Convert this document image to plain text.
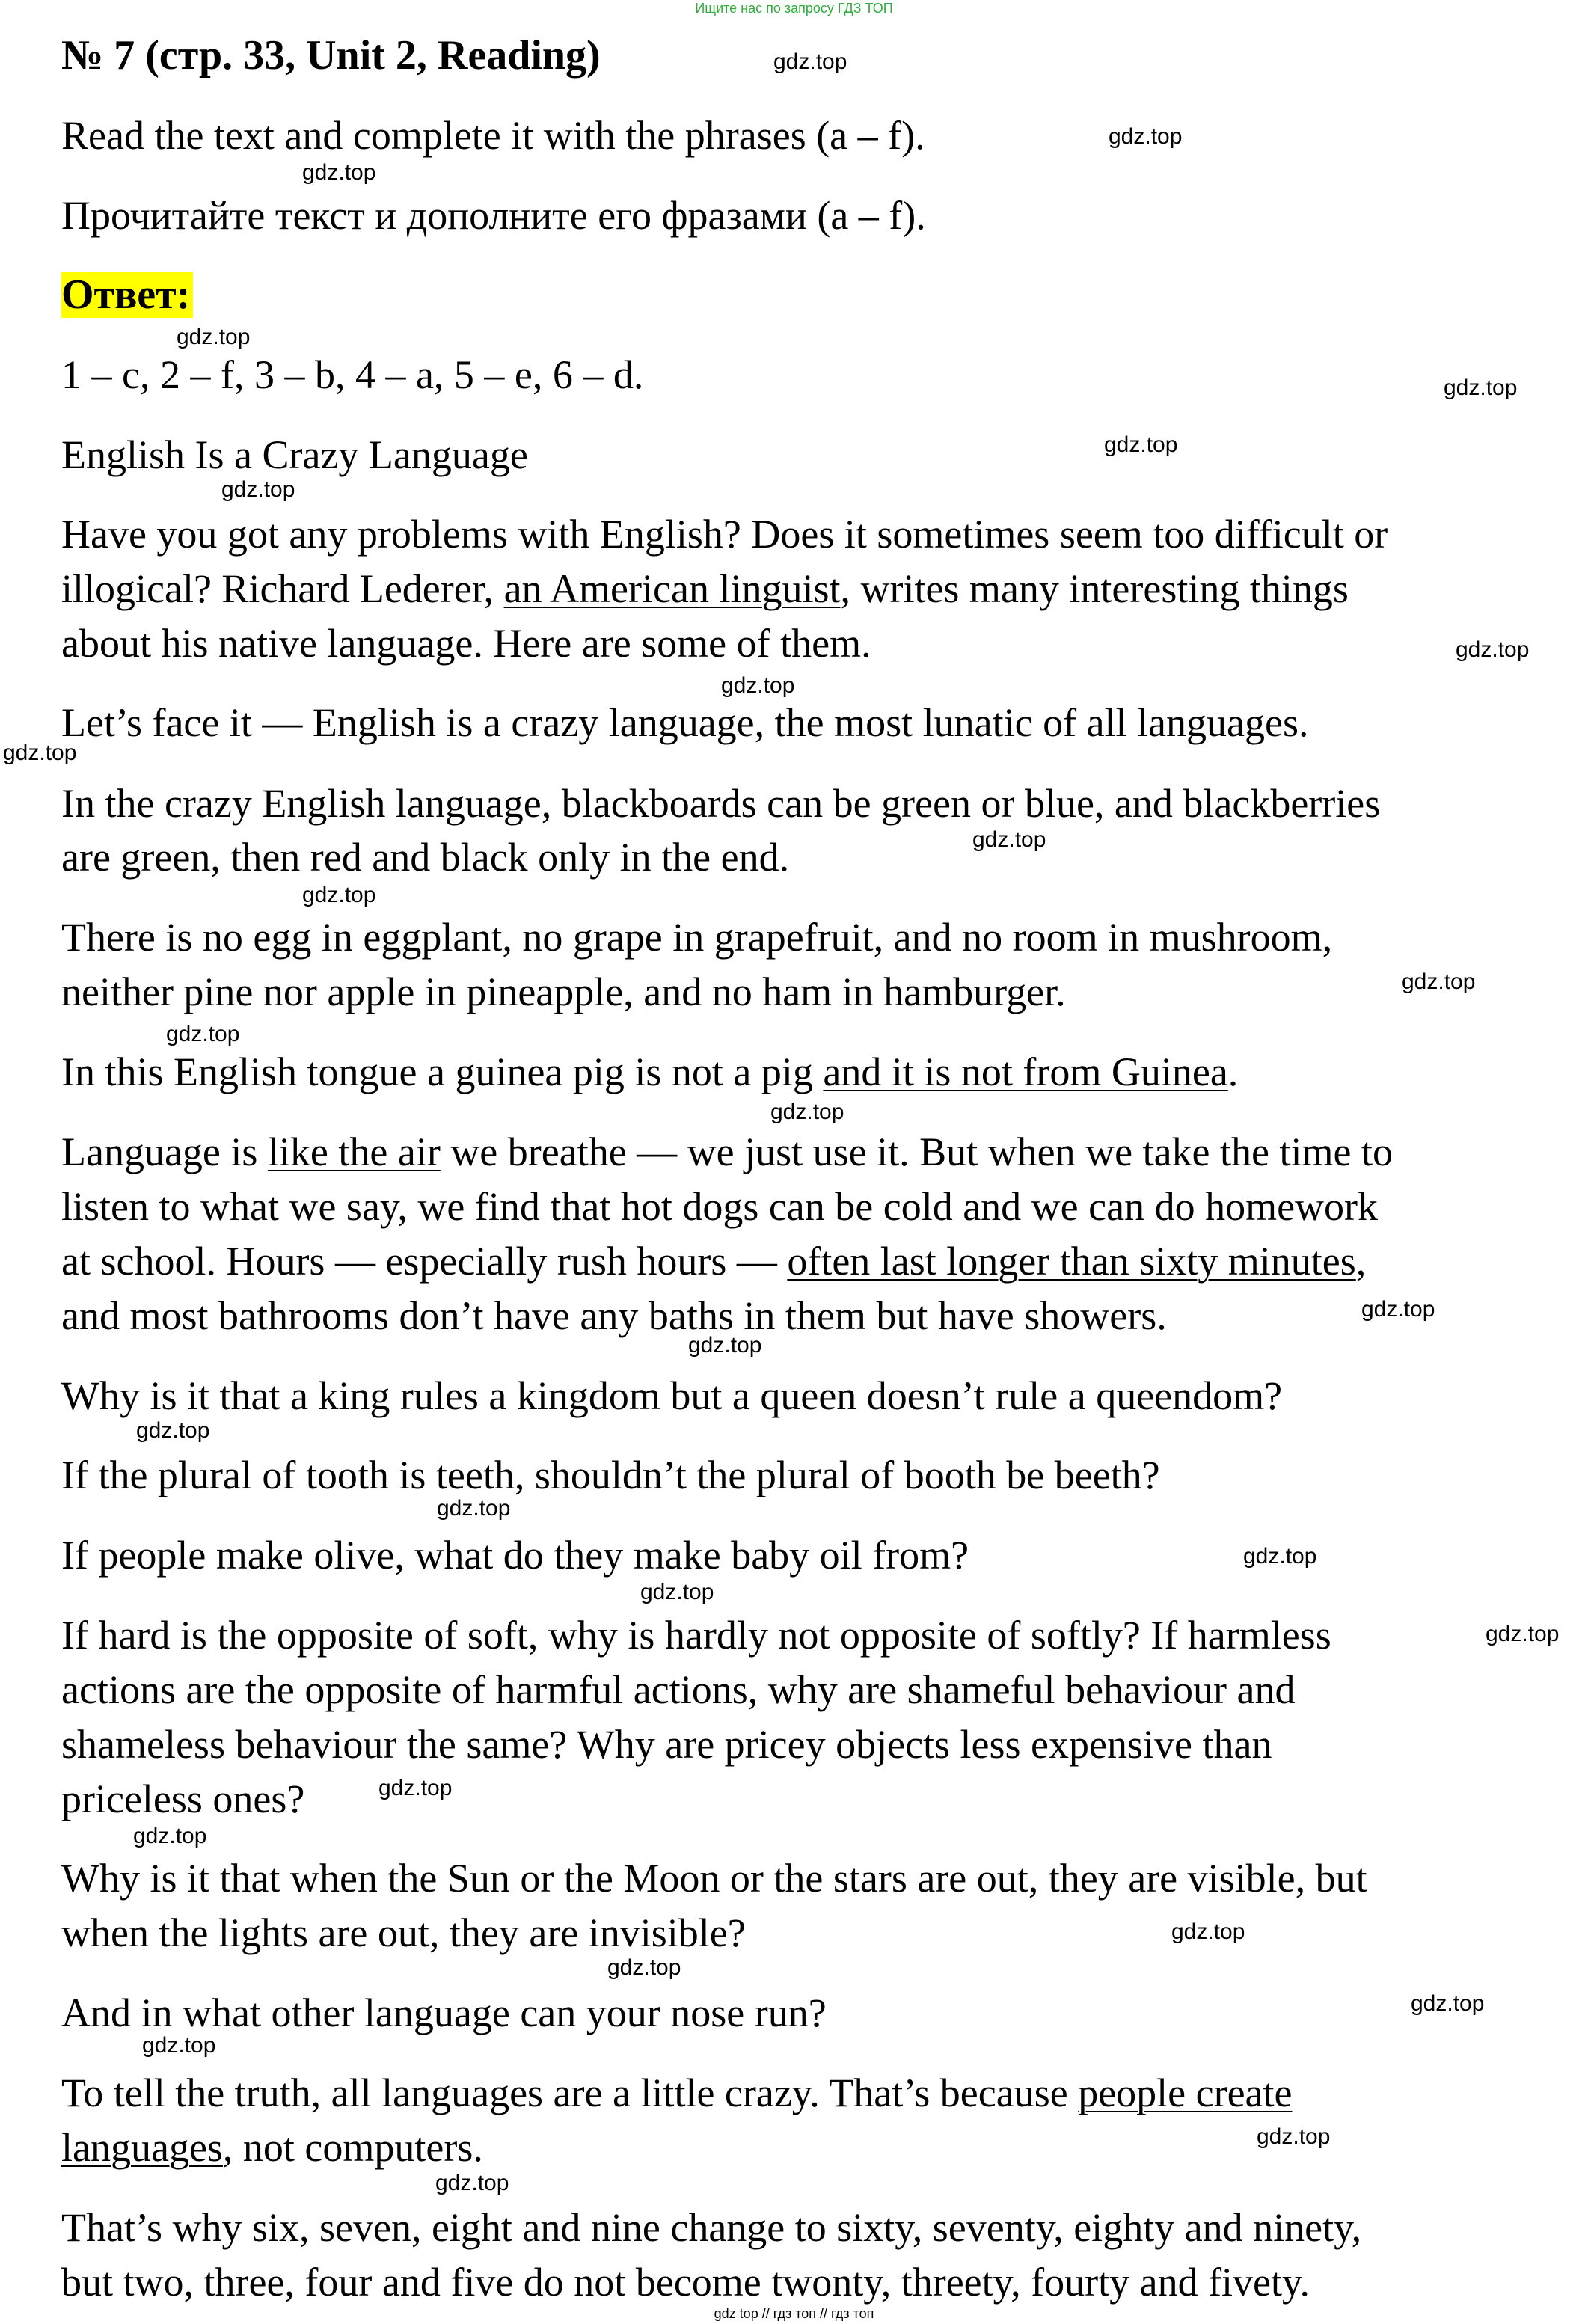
Ищите нас по запросу ГДЗ ТОП
№ 7 (стр. 33, Unit 2, Reading)
Read the text and complete it with the phrases (a – f).
Прочитайте текст и дополните его фразами (a – f).
Ответ:
1 – c, 2 – f, 3 – b, 4 – a, 5 – e, 6 – d.
English Is a Crazy Language
Have you got any problems with English? Does it sometimes seem too difficult or
illogical? Richard Lederer, an American linguist, writes many interesting things
about his native language. Here are some of them.
Let’s face it — English is a crazy language, the most lunatic of all languages.
In the crazy English language, blackboards can be green or blue, and blackberries
are green, then red and black only in the end.
There is no egg in eggplant, no grape in grapefruit, and no room in mushroom,
neither pine nor apple in pineapple, and no ham in hamburger.
In this English tongue a guinea pig is not a pig and it is not from Guinea.
Language is like the air we breathe — we just use it. But when we take the time to
listen to what we say, we find that hot dogs can be cold and we can do homework
at school. Hours — especially rush hours — often last longer than sixty minutes,
and most bathrooms don’t have any baths in them but have showers.
Why is it that a king rules a kingdom but a queen doesn’t rule a queendom?
If the plural of tooth is teeth, shouldn’t the plural of booth be beeth?
If people make olive, what do they make baby oil from?
If hard is the opposite of soft, why is hardly not opposite of softly? If harmless
actions are the opposite of harmful actions, why are shameful behaviour and
shameless behaviour the same? Why are pricey objects less expensive than
priceless ones?
Why is it that when the Sun or the Moon or the stars are out, they are visible, but
when the lights are out, they are invisible?
And in what other language can your nose run?
To tell the truth, all languages are a little crazy. That’s because people create
languages, not computers.
That’s why six, seven, eight and nine change to sixty, seventy, eighty and ninety,
but two, three, four and five do not become twonty, threety, fourty and fivety.
gdz.top
gdz.top
gdz.top
gdz.top
gdz.top
gdz.top
gdz.top
gdz.top
gdz.top
gdz.top
gdz.top
gdz.top
gdz.top
gdz.top
gdz.top
gdz.top
gdz.top
gdz.top
gdz.top
gdz.top
gdz.top
gdz.top
gdz.top
gdz.top
gdz.top
gdz.top
gdz.top
gdz.top
gdz.top
gdz.top
gdz top // гдз топ // гдз топ
